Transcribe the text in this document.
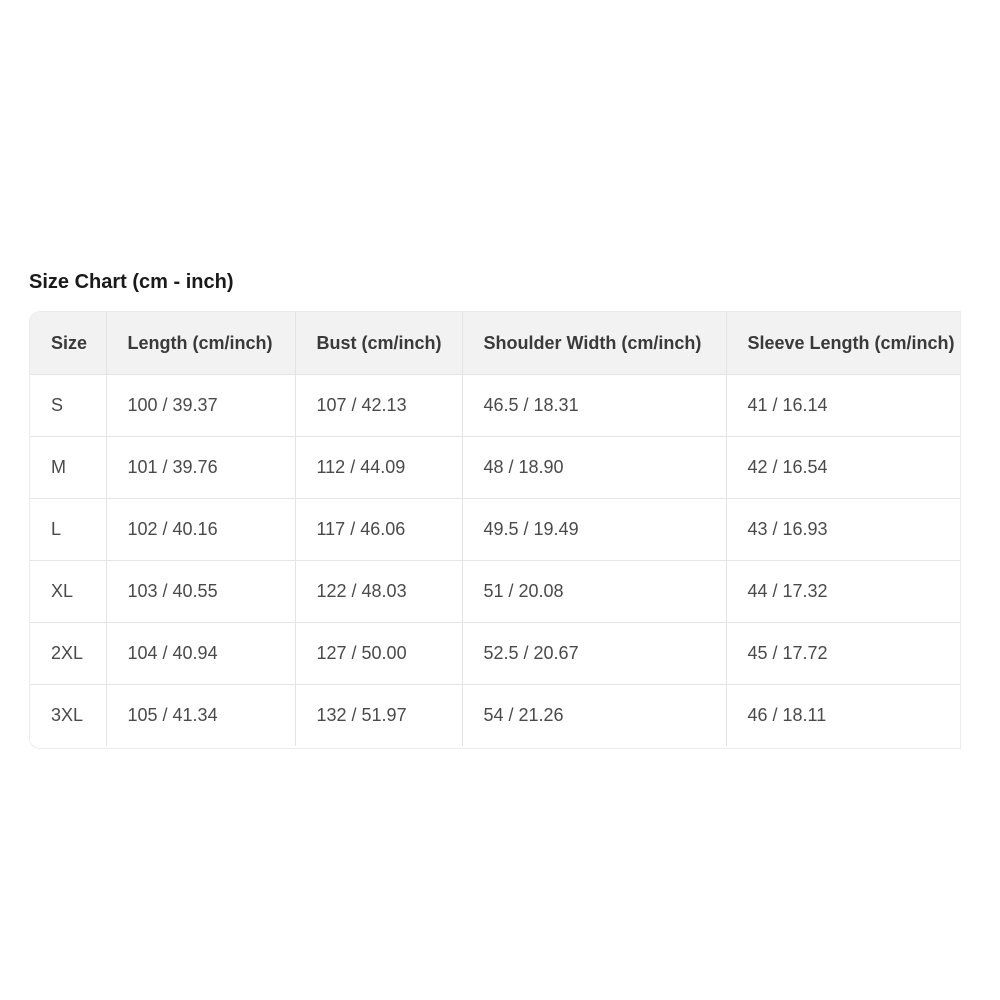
Size Chart (cm - inch)
Size	Length (cm/inch)	Bust (cm/inch)	Shoulder Width (cm/inch)	Sleeve Length (cm/inch)
S	100 / 39.37	107 / 42.13	46.5 / 18.31	41 / 16.14
M	101 / 39.76	112 / 44.09	48 / 18.90	42 / 16.54
L	102 / 40.16	117 / 46.06	49.5 / 19.49	43 / 16.93
XL	103 / 40.55	122 / 48.03	51 / 20.08	44 / 17.32
2XL	104 / 40.94	127 / 50.00	52.5 / 20.67	45 / 17.72
3XL	105 / 41.34	132 / 51.97	54 / 21.26	46 / 18.11
